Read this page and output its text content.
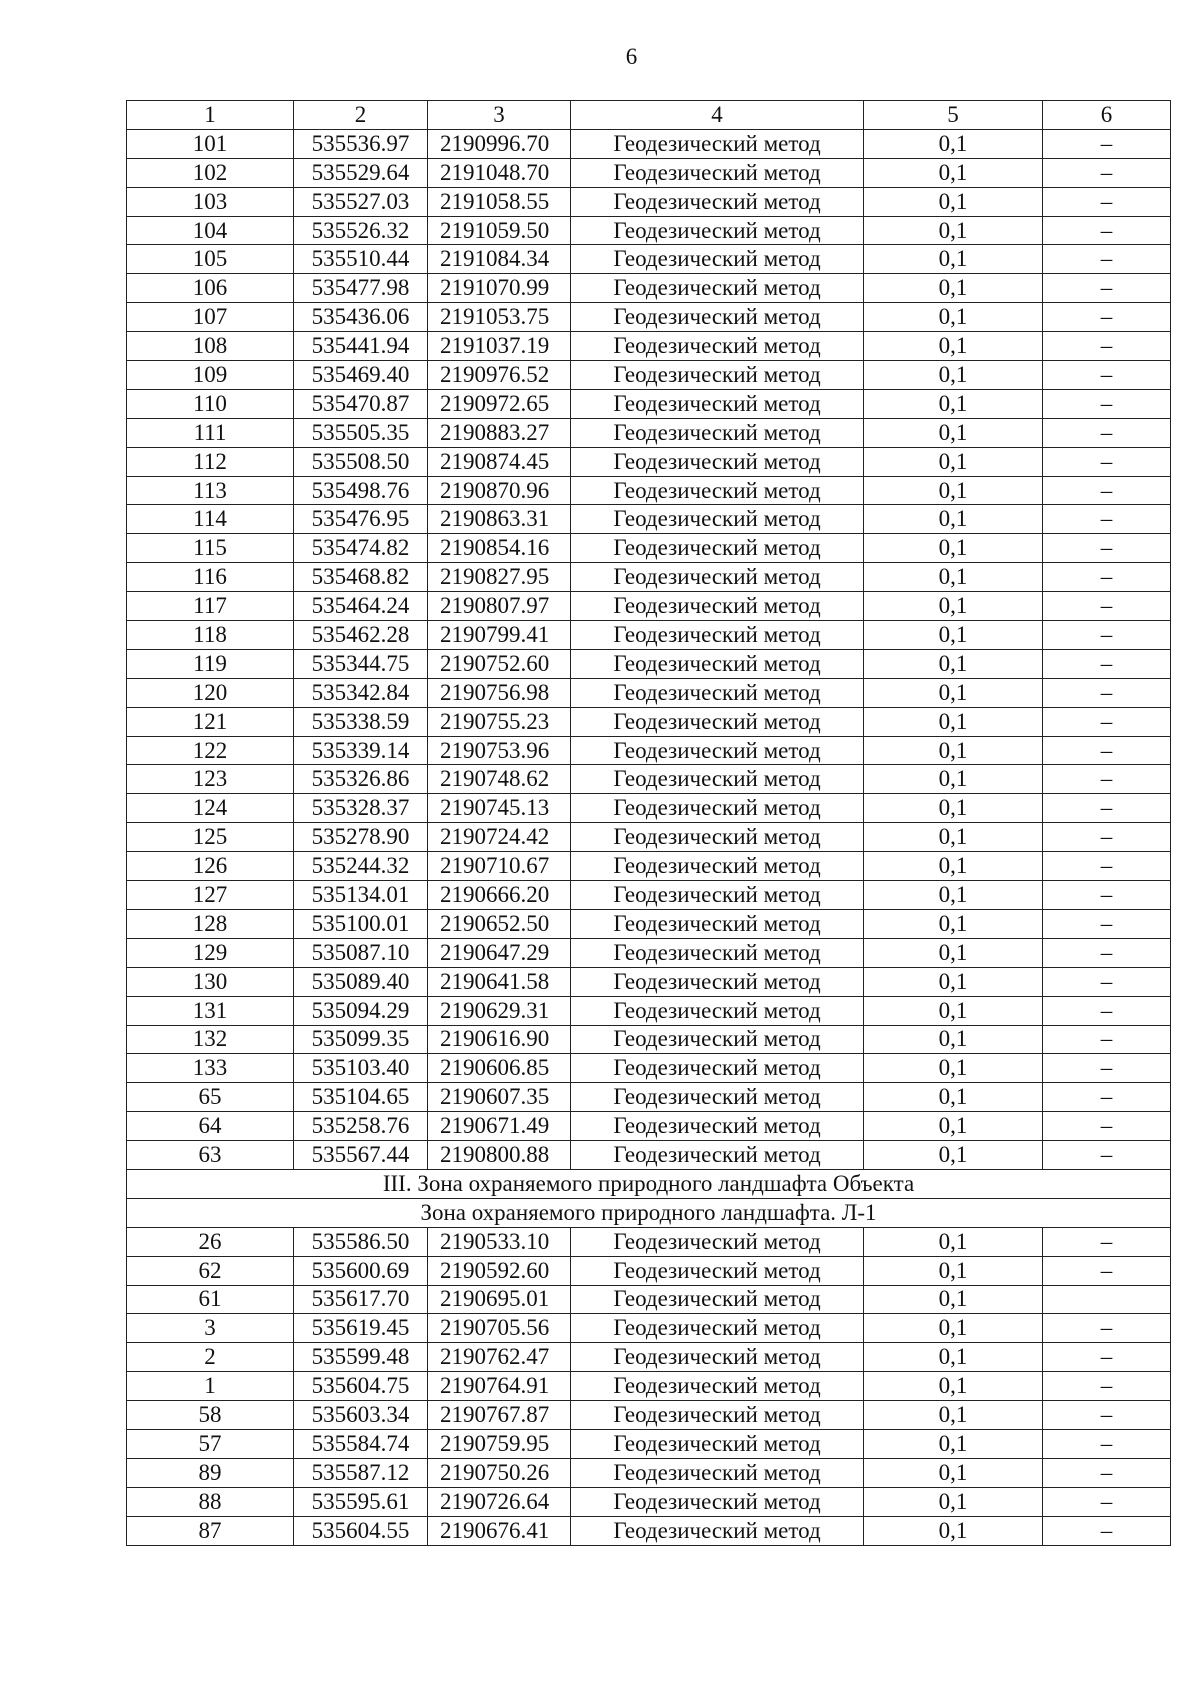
6
1	2	3	4	5	6
101	535536.97	2190996.70	Геодезический метод	0,1	–
102	535529.64	2191048.70	Геодезический метод	0,1	–
103	535527.03	2191058.55	Геодезический метод	0,1	–
104	535526.32	2191059.50	Геодезический метод	0,1	–
105	535510.44	2191084.34	Геодезический метод	0,1	–
106	535477.98	2191070.99	Геодезический метод	0,1	–
107	535436.06	2191053.75	Геодезический метод	0,1	–
108	535441.94	2191037.19	Геодезический метод	0,1	–
109	535469.40	2190976.52	Геодезический метод	0,1	–
110	535470.87	2190972.65	Геодезический метод	0,1	–
111	535505.35	2190883.27	Геодезический метод	0,1	–
112	535508.50	2190874.45	Геодезический метод	0,1	–
113	535498.76	2190870.96	Геодезический метод	0,1	–
114	535476.95	2190863.31	Геодезический метод	0,1	–
115	535474.82	2190854.16	Геодезический метод	0,1	–
116	535468.82	2190827.95	Геодезический метод	0,1	–
117	535464.24	2190807.97	Геодезический метод	0,1	–
118	535462.28	2190799.41	Геодезический метод	0,1	–
119	535344.75	2190752.60	Геодезический метод	0,1	–
120	535342.84	2190756.98	Геодезический метод	0,1	–
121	535338.59	2190755.23	Геодезический метод	0,1	–
122	535339.14	2190753.96	Геодезический метод	0,1	–
123	535326.86	2190748.62	Геодезический метод	0,1	–
124	535328.37	2190745.13	Геодезический метод	0,1	–
125	535278.90	2190724.42	Геодезический метод	0,1	–
126	535244.32	2190710.67	Геодезический метод	0,1	–
127	535134.01	2190666.20	Геодезический метод	0,1	–
128	535100.01	2190652.50	Геодезический метод	0,1	–
129	535087.10	2190647.29	Геодезический метод	0,1	–
130	535089.40	2190641.58	Геодезический метод	0,1	–
131	535094.29	2190629.31	Геодезический метод	0,1	–
132	535099.35	2190616.90	Геодезический метод	0,1	–
133	535103.40	2190606.85	Геодезический метод	0,1	–
65	535104.65	2190607.35	Геодезический метод	0,1	–
64	535258.76	2190671.49	Геодезический метод	0,1	–
63	535567.44	2190800.88	Геодезический метод	0,1	–
III. Зона охраняемого природного ландшафта Объекта					
Зона охраняемого природного ландшафта. Л-1					
26	535586.50	2190533.10	Геодезический метод	0,1	–
62	535600.69	2190592.60	Геодезический метод	0,1	–
61	535617.70	2190695.01	Геодезический метод	0,1	
3	535619.45	2190705.56	Геодезический метод	0,1	–
2	535599.48	2190762.47	Геодезический метод	0,1	–
1	535604.75	2190764.91	Геодезический метод	0,1	–
58	535603.34	2190767.87	Геодезический метод	0,1	–
57	535584.74	2190759.95	Геодезический метод	0,1	–
89	535587.12	2190750.26	Геодезический метод	0,1	–
88	535595.61	2190726.64	Геодезический метод	0,1	–
87	535604.55	2190676.41	Геодезический метод	0,1	–
